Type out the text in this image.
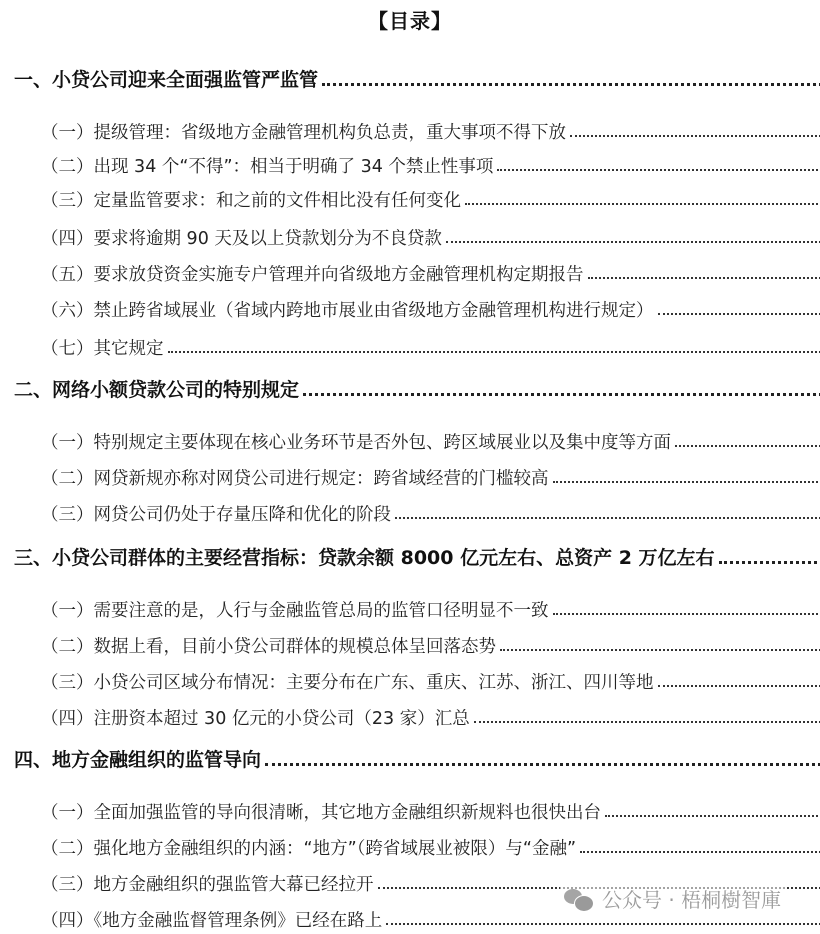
【目录】
一、小贷公司迎来全面强监管严监管
（一）提级管理：省级地方金融管理机构负总责，重大事项不得下放
（二）出现 34 个“不得”：相当于明确了 34 个禁止性事项
（三）定量监管要求：和之前的文件相比没有任何变化
（四）要求将逾期 90 天及以上贷款划分为不良贷款
（五）要求放贷资金实施专户管理并向省级地方金融管理机构定期报告
（六）禁止跨省域展业（省域内跨地市展业由省级地方金融管理机构进行规定）
（七）其它规定
二、网络小额贷款公司的特别规定
（一）特别规定主要体现在核心业务环节是否外包、跨区域展业以及集中度等方面
（二）网贷新规亦称对网贷公司进行规定：跨省域经营的门槛较高
（三）网贷公司仍处于存量压降和优化的阶段
三、小贷公司群体的主要经营指标：贷款余额 8000 亿元左右、总资产 2 万亿左右
（一）需要注意的是，人行与金融监管总局的监管口径明显不一致
（二）数据上看，目前小贷公司群体的规模总体呈回落态势
（三）小贷公司区域分布情况：主要分布在广东、重庆、江苏、浙江、四川等地
（四）注册资本超过 30 亿元的小贷公司（23 家）汇总
四、地方金融组织的监管导向
（一）全面加强监管的导向很清晰，其它地方金融组织新规料也很快出台
（二）强化地方金融组织的内涵：“地方”（跨省域展业被限）与“金融”
（三）地方金融组织的强监管大幕已经拉开
（四）《地方金融监督管理条例》已经在路上
公众号 · 梧桐樹智庫
